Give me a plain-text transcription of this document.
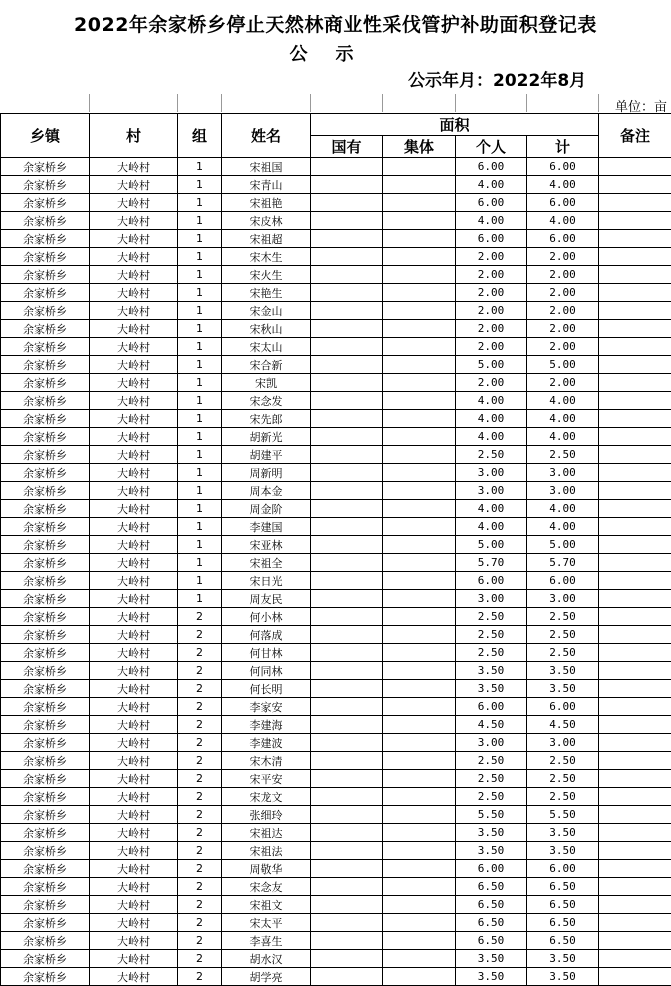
2022年余家桥乡停止天然林商业性采伐管护补助面积登记表
公示
公示年月：2022年8月
单位：亩
乡镇	村	组	姓名	面积				备注
				国有	集体	个人	计	
余家桥乡	大岭村	1	宋祖国			6.00	6.00	
余家桥乡	大岭村	1	宋青山			4.00	4.00	
余家桥乡	大岭村	1	宋祖艳			6.00	6.00	
余家桥乡	大岭村	1	宋皮林			4.00	4.00	
余家桥乡	大岭村	1	宋祖超			6.00	6.00	
余家桥乡	大岭村	1	宋木生			2.00	2.00	
余家桥乡	大岭村	1	宋火生			2.00	2.00	
余家桥乡	大岭村	1	宋艳生			2.00	2.00	
余家桥乡	大岭村	1	宋金山			2.00	2.00	
余家桥乡	大岭村	1	宋秋山			2.00	2.00	
余家桥乡	大岭村	1	宋太山			2.00	2.00	
余家桥乡	大岭村	1	宋合新			5.00	5.00	
余家桥乡	大岭村	1	宋凯			2.00	2.00	
余家桥乡	大岭村	1	宋念发			4.00	4.00	
余家桥乡	大岭村	1	宋先郎			4.00	4.00	
余家桥乡	大岭村	1	胡新光			4.00	4.00	
余家桥乡	大岭村	1	胡建平			2.50	2.50	
余家桥乡	大岭村	1	周新明			3.00	3.00	
余家桥乡	大岭村	1	周本金			3.00	3.00	
余家桥乡	大岭村	1	周金阶			4.00	4.00	
余家桥乡	大岭村	1	李建国			4.00	4.00	
余家桥乡	大岭村	1	宋亚林			5.00	5.00	
余家桥乡	大岭村	1	宋祖全			5.70	5.70	
余家桥乡	大岭村	1	宋日光			6.00	6.00	
余家桥乡	大岭村	1	周友民			3.00	3.00	
余家桥乡	大岭村	2	何小林			2.50	2.50	
余家桥乡	大岭村	2	何落成			2.50	2.50	
余家桥乡	大岭村	2	何甘林			2.50	2.50	
余家桥乡	大岭村	2	何同林			3.50	3.50	
余家桥乡	大岭村	2	何长明			3.50	3.50	
余家桥乡	大岭村	2	李家安			6.00	6.00	
余家桥乡	大岭村	2	李建海			4.50	4.50	
余家桥乡	大岭村	2	李建波			3.00	3.00	
余家桥乡	大岭村	2	宋木清			2.50	2.50	
余家桥乡	大岭村	2	宋平安			2.50	2.50	
余家桥乡	大岭村	2	宋龙文			2.50	2.50	
余家桥乡	大岭村	2	张细玲			5.50	5.50	
余家桥乡	大岭村	2	宋祖达			3.50	3.50	
余家桥乡	大岭村	2	宋祖法			3.50	3.50	
余家桥乡	大岭村	2	周敬华			6.00	6.00	
余家桥乡	大岭村	2	宋念友			6.50	6.50	
余家桥乡	大岭村	2	宋祖文			6.50	6.50	
余家桥乡	大岭村	2	宋太平			6.50	6.50	
余家桥乡	大岭村	2	李喜生			6.50	6.50	
余家桥乡	大岭村	2	胡水汉			3.50	3.50	
余家桥乡	大岭村	2	胡学亮			3.50	3.50	
